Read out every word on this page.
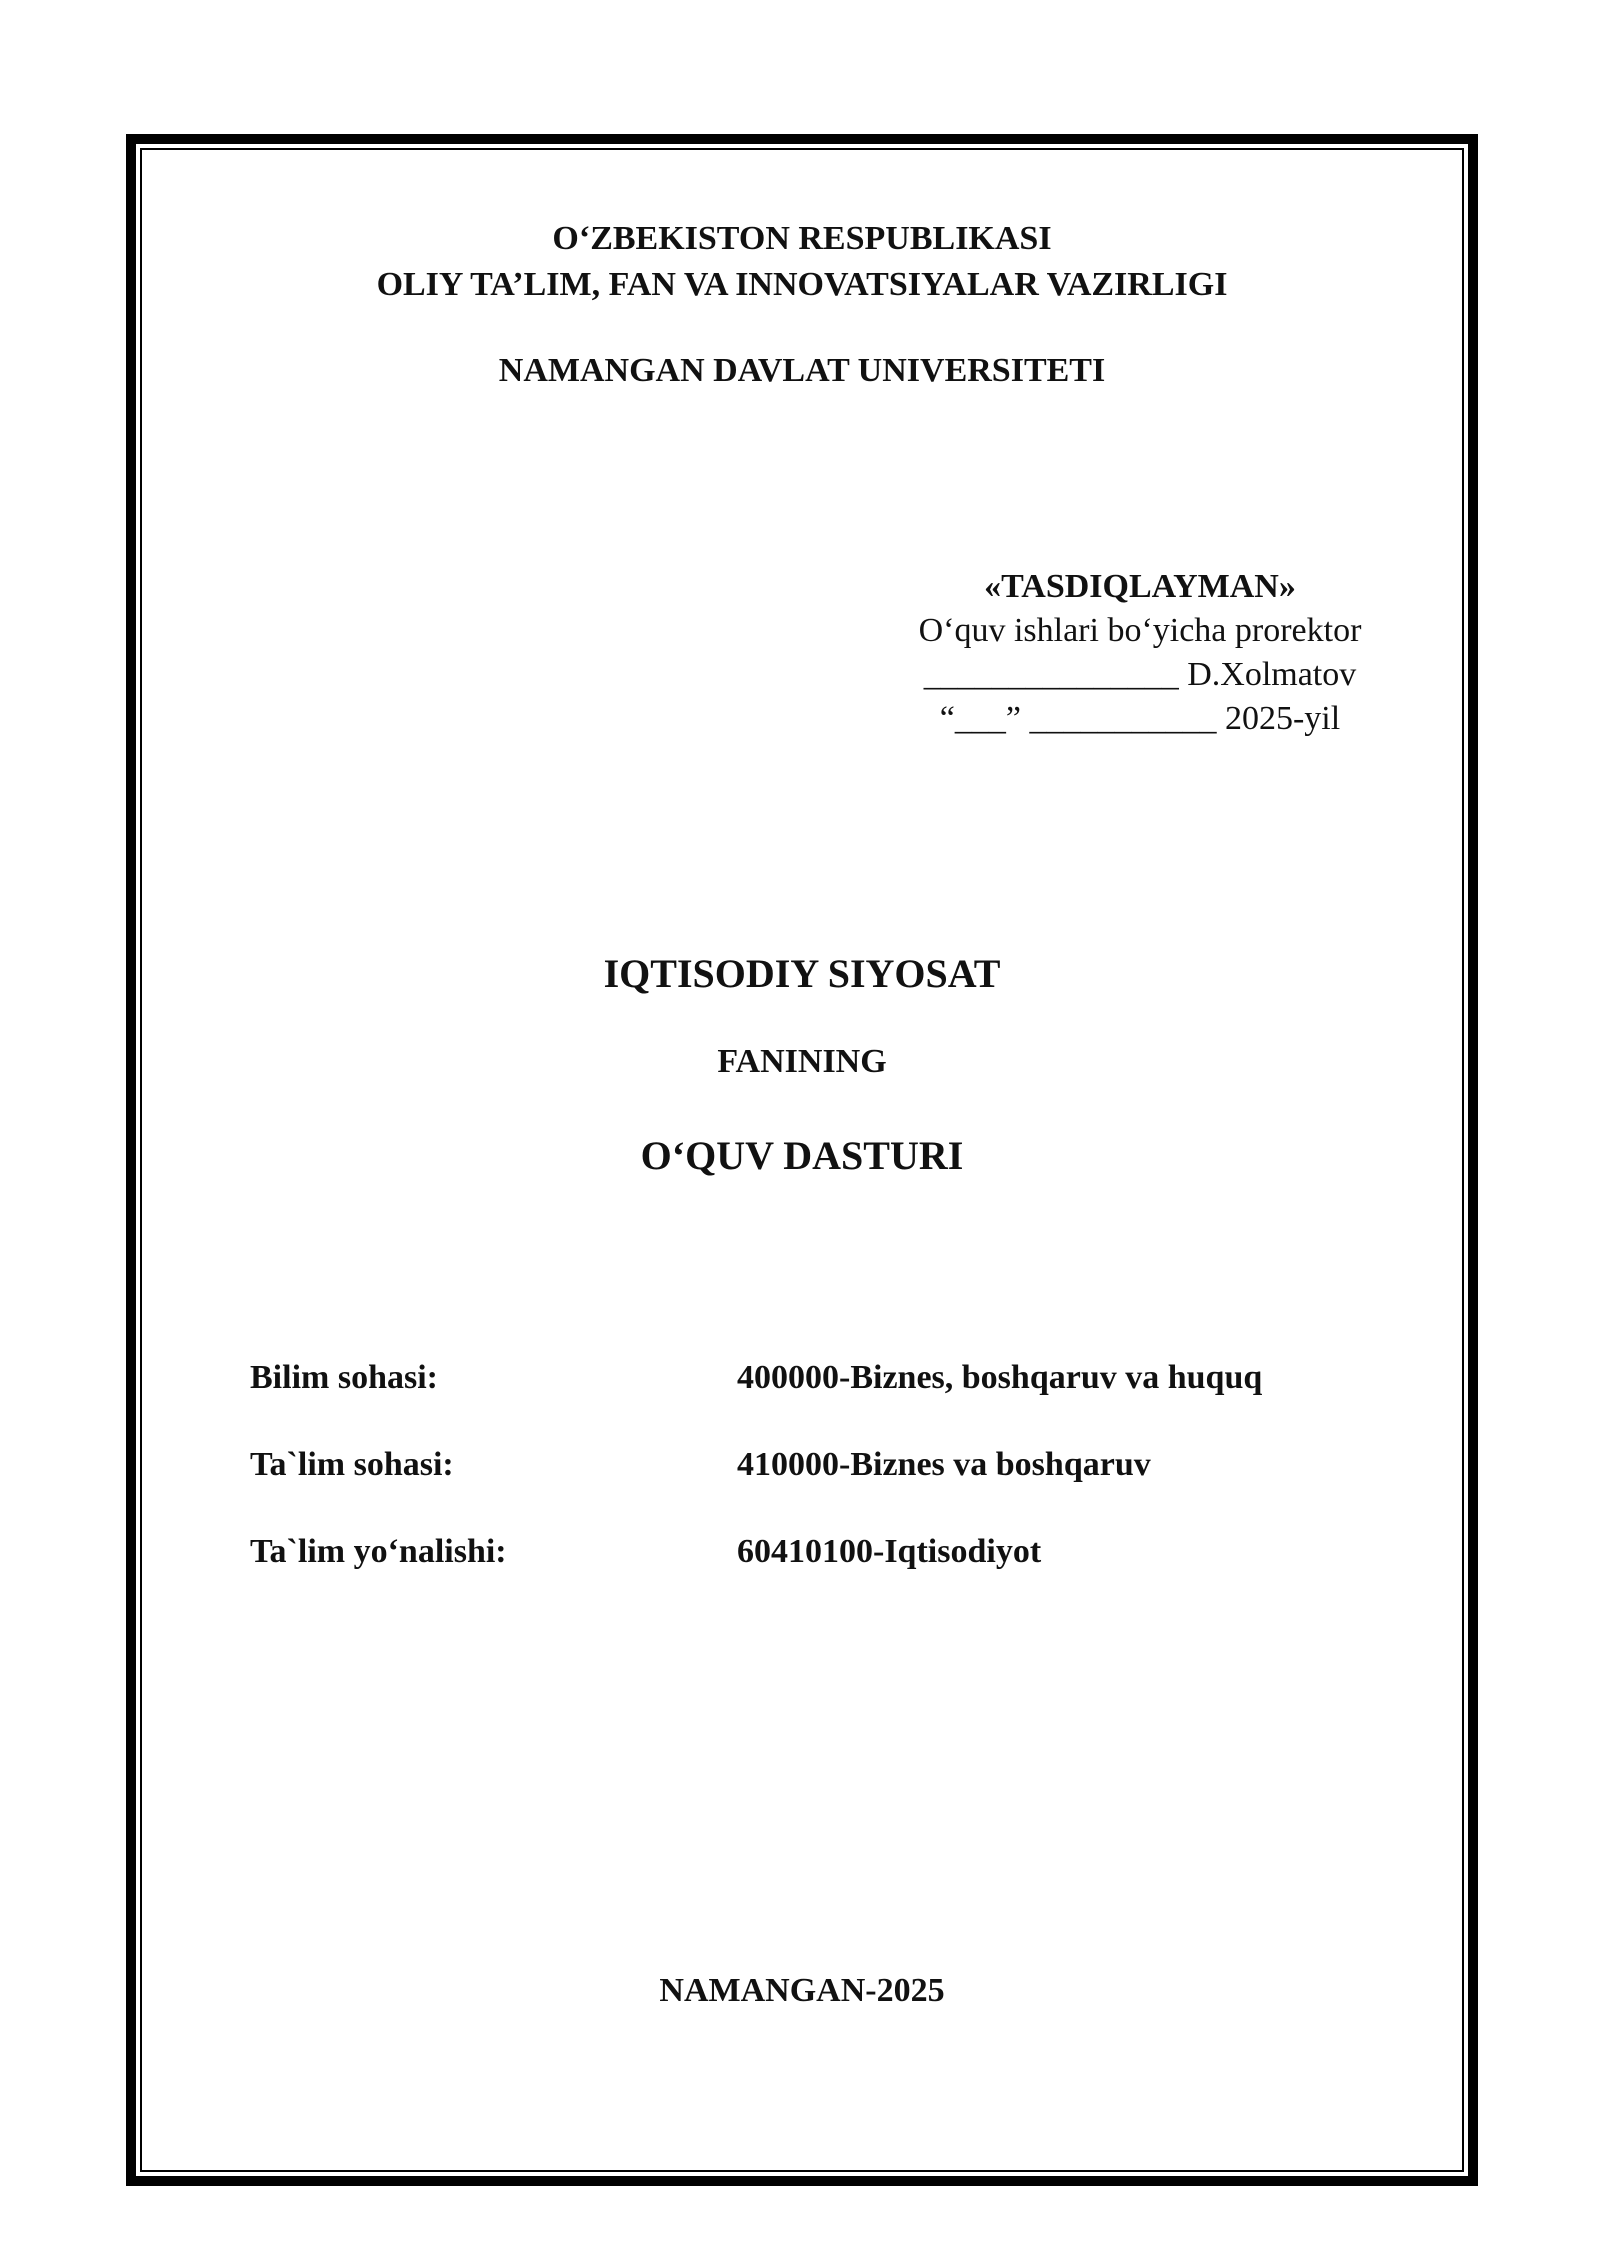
O‘ZBEKISTON RESPUBLIKASI

OLIY TA’LIM, FAN VA INNOVATSIYALAR VAZIRLIGI

NAMANGAN DAVLAT UNIVERSITETI

«TASDIQLAYMAN»
O‘quv ishlari bo‘yicha prorektor
_______________ D.Xolmatov
“___” ___________ 2025-yil

IQTISODIY SIYOSAT

FANINING

O‘QUV DASTURI

Bilim sohasi:	400000-Biznes, boshqaruv va huquq
Ta`lim sohasi:	410000-Biznes va boshqaruv
Ta`lim yo‘nalishi:	60410100-Iqtisodiyot

NAMANGAN-2025
